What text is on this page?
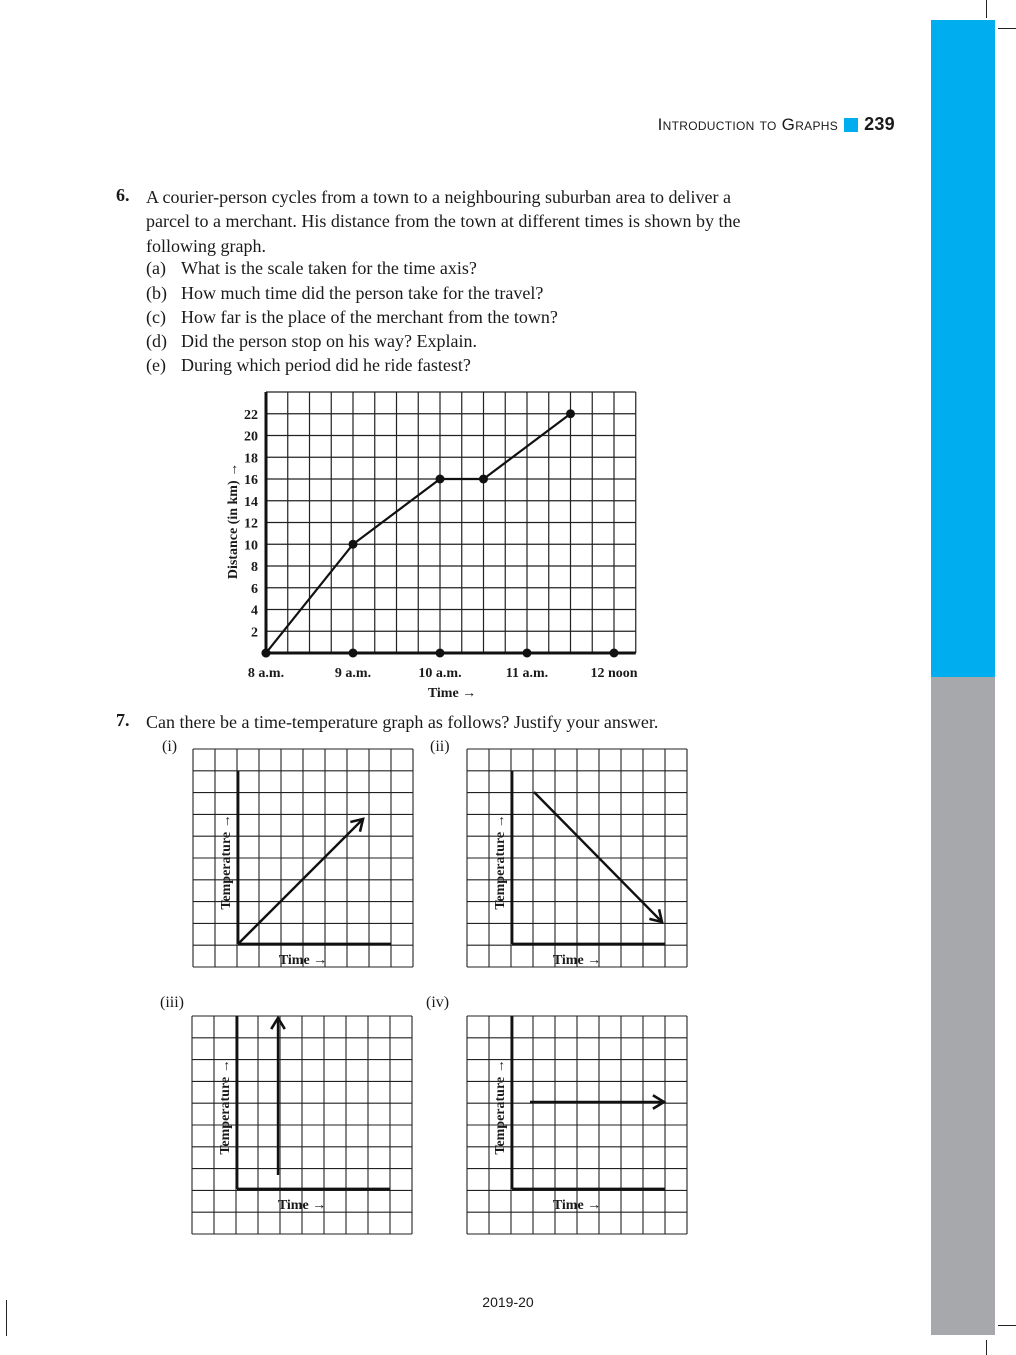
Introduction to Graphs 239
6. A courier-person cycles from a town to a neighbouring suburban area to deliver a
parcel to a merchant. His distance from the town at different times is shown by the
following graph.
(a) What is the scale taken for the time axis?
(b) How much time did the person take for the travel?
(c) How far is the place of the merchant from the town?
(d) Did the person stop on his way? Explain.
(e) During which period did he ride fastest?
8 a.m.	9 a.m.	10 a.m.	11 a.m.	12 noon
2
4
6
8
10
12
14
16
18
20
22
Time →
Distance (in km) →
7. Can there be a time-temperature graph as follows? Justify your answer.
(i)	(ii)
(iii)	(iv)
Time →
Temperature →
Time →
Temperature →
Time →
Temperature →
Time →
Temperature →
2019-20
